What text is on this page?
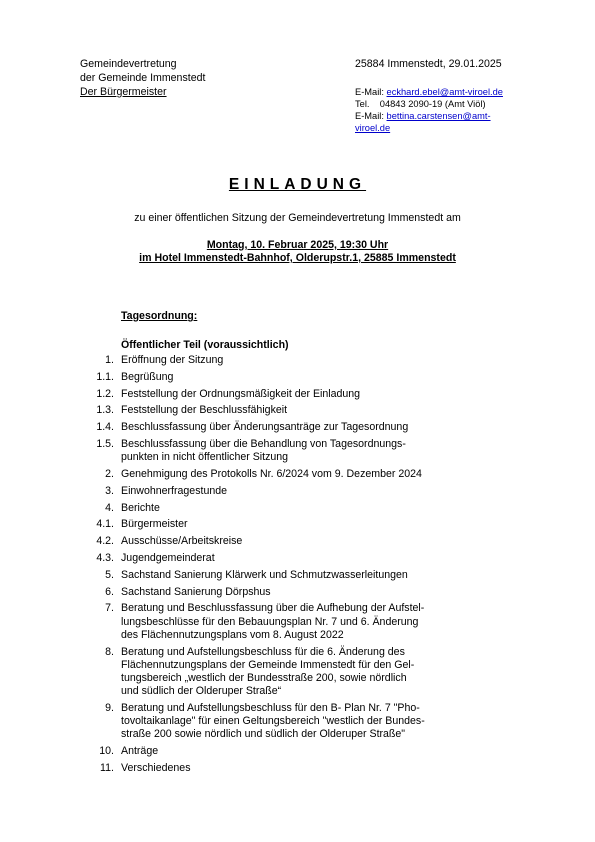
Gemeindevertretung
der Gemeinde Immenstedt
Der Bürgermeister
25884 Immenstedt, 29.01.2025
E-Mail: eckhard.ebel@amt-viroel.de
Tel.    04843 2090-19 (Amt Viöl)
E-Mail: bettina.carstensen@amt-
viroel.de
EINLADUNG
zu einer öffentlichen Sitzung der Gemeindevertretung Immenstedt am
Montag, 10. Februar 2025, 19:30 Uhr
im Hotel Immenstedt-Bahnhof, Olderupstr.1, 25885 Immenstedt
Tagesordnung:
Öffentlicher Teil (voraussichtlich)
1. Eröffnung der Sitzung
1.1. Begrüßung
1.2. Feststellung der Ordnungsmäßigkeit der Einladung
1.3. Feststellung der Beschlussfähigkeit
1.4. Beschlussfassung über Änderungsanträge zur Tagesordnung
1.5. Beschlussfassung über die Behandlung von Tagesordnungs-
punkten in nicht öffentlicher Sitzung
2. Genehmigung des Protokolls Nr. 6/2024 vom 9. Dezember 2024
3. Einwohnerfragestunde
4. Berichte
4.1. Bürgermeister
4.2. Ausschüsse/Arbeitskreise
4.3. Jugendgemeinderat
5. Sachstand Sanierung Klärwerk und Schmutzwasserleitungen
6. Sachstand Sanierung Dörpshus
7. Beratung und Beschlussfassung über die Aufhebung der Aufstel-
lungsbeschlüsse für den Bebauungsplan Nr. 7 und 6. Änderung
des Flächennutzungsplans vom 8. August 2022
8. Beratung und Aufstellungsbeschluss für die 6. Änderung des
Flächennutzungsplans der Gemeinde Immenstedt für den Gel-
tungsbereich „westlich der Bundesstraße 200, sowie nördlich
und südlich der Olderuper Straße“
9. Beratung und Aufstellungsbeschluss für den B- Plan Nr. 7 "Pho-
tovoltaikanlage" für einen Geltungsbereich "westlich der Bundes-
straße 200 sowie nördlich und südlich der Olderuper Straße"
10. Anträge
11. Verschiedenes
